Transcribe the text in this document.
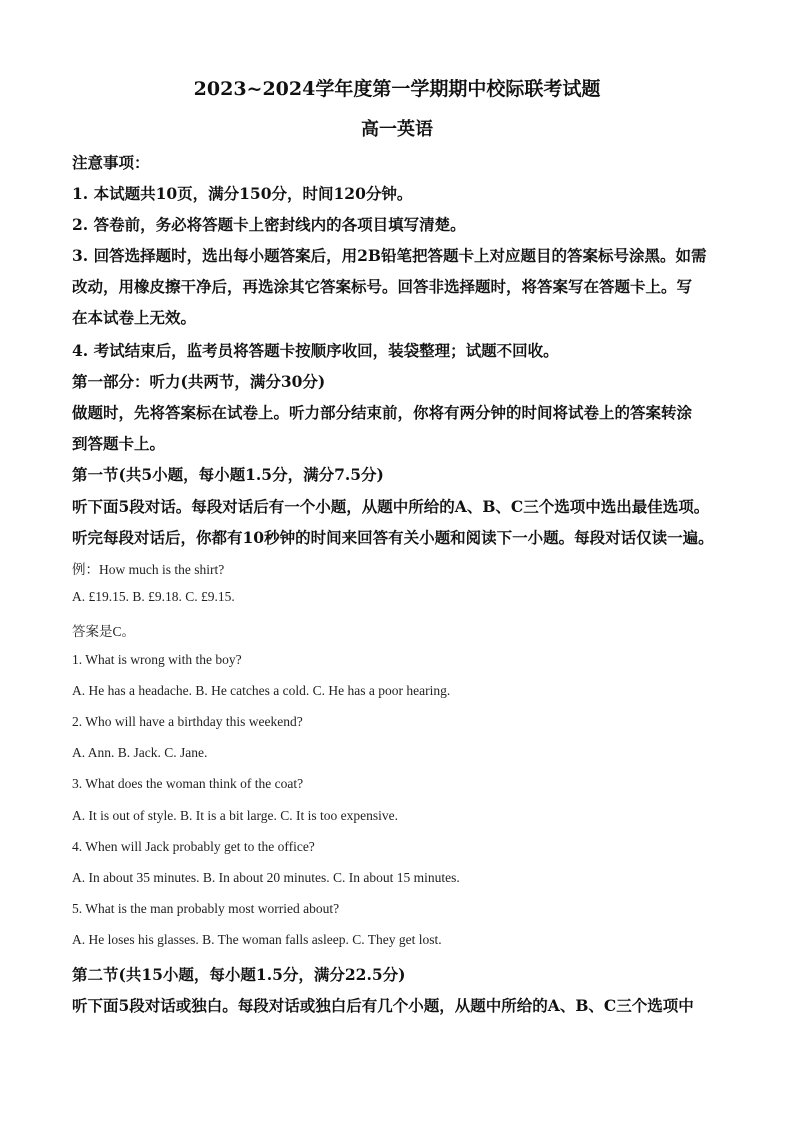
2023~2024学年度第一学期期中校际联考试题
高一英语
注意事项：
1. 本试题共10页，满分150分，时间120分钟。
2. 答卷前，务必将答题卡上密封线内的各项目填写清楚。
3. 回答选择题时，选出每小题答案后，用2B铅笔把答题卡上对应题目的答案标号涂黑。如需
改动，用橡皮擦干净后，再选涂其它答案标号。回答非选择题时，将答案写在答题卡上。写
在本试卷上无效。
4. 考试结束后，监考员将答题卡按顺序收回，装袋整理；试题不回收。
第一部分：听力(共两节，满分30分)
做题时，先将答案标在试卷上。听力部分结束前，你将有两分钟的时间将试卷上的答案转涂
到答题卡上。
第一节(共5小题，每小题1.5分，满分7.5分)
听下面5段对话。每段对话后有一个小题，从题中所给的A、B、C三个选项中选出最佳选项。
听完每段对话后，你都有10秒钟的时间来回答有关小题和阅读下一小题。每段对话仅读一遍。
例：How much is the shirt?
A. £19.15. B. £9.18. C. £9.15.
答案是C。
1. What is wrong with the boy?
A. He has a headache. B. He catches a cold. C. He has a poor hearing.
2. Who will have a birthday this weekend?
A. Ann. B. Jack. C. Jane.
3. What does the woman think of the coat?
A. It is out of style. B. It is a bit large. C. It is too expensive.
4. When will Jack probably get to the office?
A. In about 35 minutes. B. In about 20 minutes. C. In about 15 minutes.
5. What is the man probably most worried about?
A. He loses his glasses. B. The woman falls asleep. C. They get lost.
第二节(共15小题，每小题1.5分，满分22.5分)
听下面5段对话或独白。每段对话或独白后有几个小题，从题中所给的A、B、C三个选项中
